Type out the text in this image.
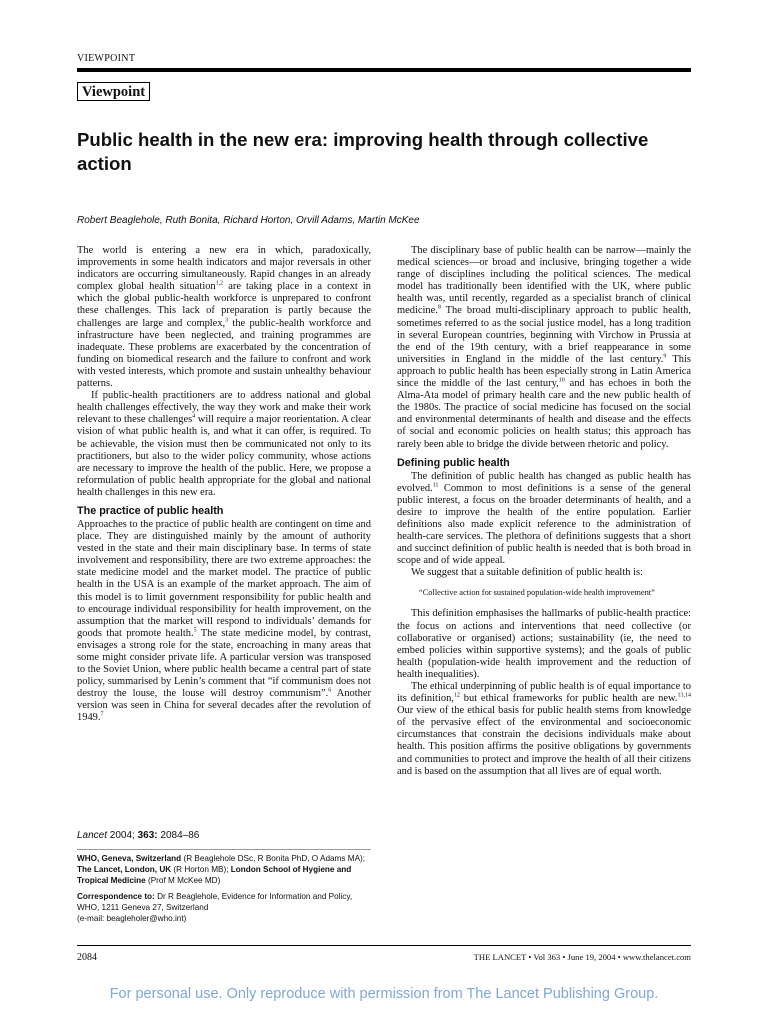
VIEWPOINT
Viewpoint
Public health in the new era: improving health through collective action
Robert Beaglehole, Ruth Bonita, Richard Horton, Orvill Adams, Martin McKee

The world is entering a new era in which, paradoxically, improvements in some health indicators and major reversals in other indicators are occurring simultaneously. Rapid changes in an already complex global health situation$^{1,2}$ are taking place in a context in which the global public-health workforce is unprepared to confront these challenges. This lack of preparation is partly because the challenges are large and complex,$^3$ the public-health workforce and infrastructure have been neglected, and training programmes are inadequate. These problems are exacerbated by the concentration of funding on biomedical research and the failure to confront and work with vested interests, which promote and sustain unhealthy behaviour patterns.

If public-health practitioners are to address national and global health challenges effectively, the way they work and make their work relevant to these challenges$^4$ will require a major reorientation. A clear vision of what public health is, and what it can offer, is required. To be achievable, the vision must then be communicated not only to its practitioners, but also to the wider policy community, whose actions are necessary to improve the health of the public. Here, we propose a reformulation of public health appropriate for the global and national health challenges in this new era.

The practice of public health

Approaches to the practice of public health are contingent on time and place. They are distinguished mainly by the amount of authority vested in the state and their main disciplinary base. In terms of state involvement and responsibility, there are two extreme approaches: the state medicine model and the market model. The practice of public health in the USA is an example of the market approach. The aim of this model is to limit government responsibility for public health and to encourage individual responsibility for health improvement, on the assumption that the market will respond to individuals’ demands for goods that promote health.$^5$ The state medicine model, by contrast, envisages a strong role for the state, encroaching in many areas that some might consider private life. A particular version was transposed to the Soviet Union, where public health became a central part of state policy, summarised by Lenin’s comment that “if communism does not destroy the louse, the louse will destroy communism”.$^6$ Another version was seen in China for several decades after the revolution of 1949.$^7$

Lancet 2004; 363: 2084–86

WHO, Geneva, Switzerland (R Beaglehole DSc, R Bonita PhD, O Adams MA); The Lancet, London, UK (R Horton MB); London School of Hygiene and Tropical Medicine (Prof M McKee MD)

Correspondence to: Dr R Beaglehole, Evidence for Information and Policy, WHO, 1211 Geneva 27, Switzerland
(e-mail: beagleholer@who.int)

The disciplinary base of public health can be narrow—mainly the medical sciences—or broad and inclusive, bringing together a wide range of disciplines including the political sciences. The medical model has traditionally been identified with the UK, where public health was, until recently, regarded as a specialist branch of clinical medicine.$^8$ The broad multi-disciplinary approach to public health, sometimes referred to as the social justice model, has a long tradition in several European countries, beginning with Virchow in Prussia at the end of the 19th century, with a brief reappearance in some universities in England in the middle of the last century.$^9$ This approach to public health has been especially strong in Latin America since the middle of the last century,$^{10}$ and has echoes in both the Alma-Ata model of primary health care and the new public health of the 1980s. The practice of social medicine has focused on the social and environmental determinants of health and disease and the effects of social and economic policies on health status; this approach has rarely been able to bridge the divide between rhetoric and policy.

Defining public health

The definition of public health has changed as public health has evolved.$^{11}$ Common to most definitions is a sense of the general public interest, a focus on the broader determinants of health, and a desire to improve the health of the entire population. Earlier definitions also made explicit reference to the administration of health-care services. The plethora of definitions suggests that a short and succinct definition of public health is needed that is both broad in scope and of wide appeal.

We suggest that a suitable definition of public health is:

“Collective action for sustained population-wide health improvement”

This definition emphasises the hallmarks of public-health practice: the focus on actions and interventions that need collective (or collaborative or organised) actions; sustainability (ie, the need to embed policies within supportive systems); and the goals of public health (population-wide health improvement and the reduction of health inequalities).

The ethical underpinning of public health is of equal importance to its definition,$^{12}$ but ethical frameworks for public health are new.$^{13,14}$ Our view of the ethical basis for public health stems from knowledge of the pervasive effect of the environmental and socioeconomic circumstances that constrain the decisions individuals make about health. This position affirms the positive obligations by governments and communities to protect and improve the health of all their citizens and is based on the assumption that all lives are of equal worth.

2084	THE LANCET • Vol 363 • June 19, 2004 • www.thelancet.com
For personal use. Only reproduce with permission from The Lancet Publishing Group.
